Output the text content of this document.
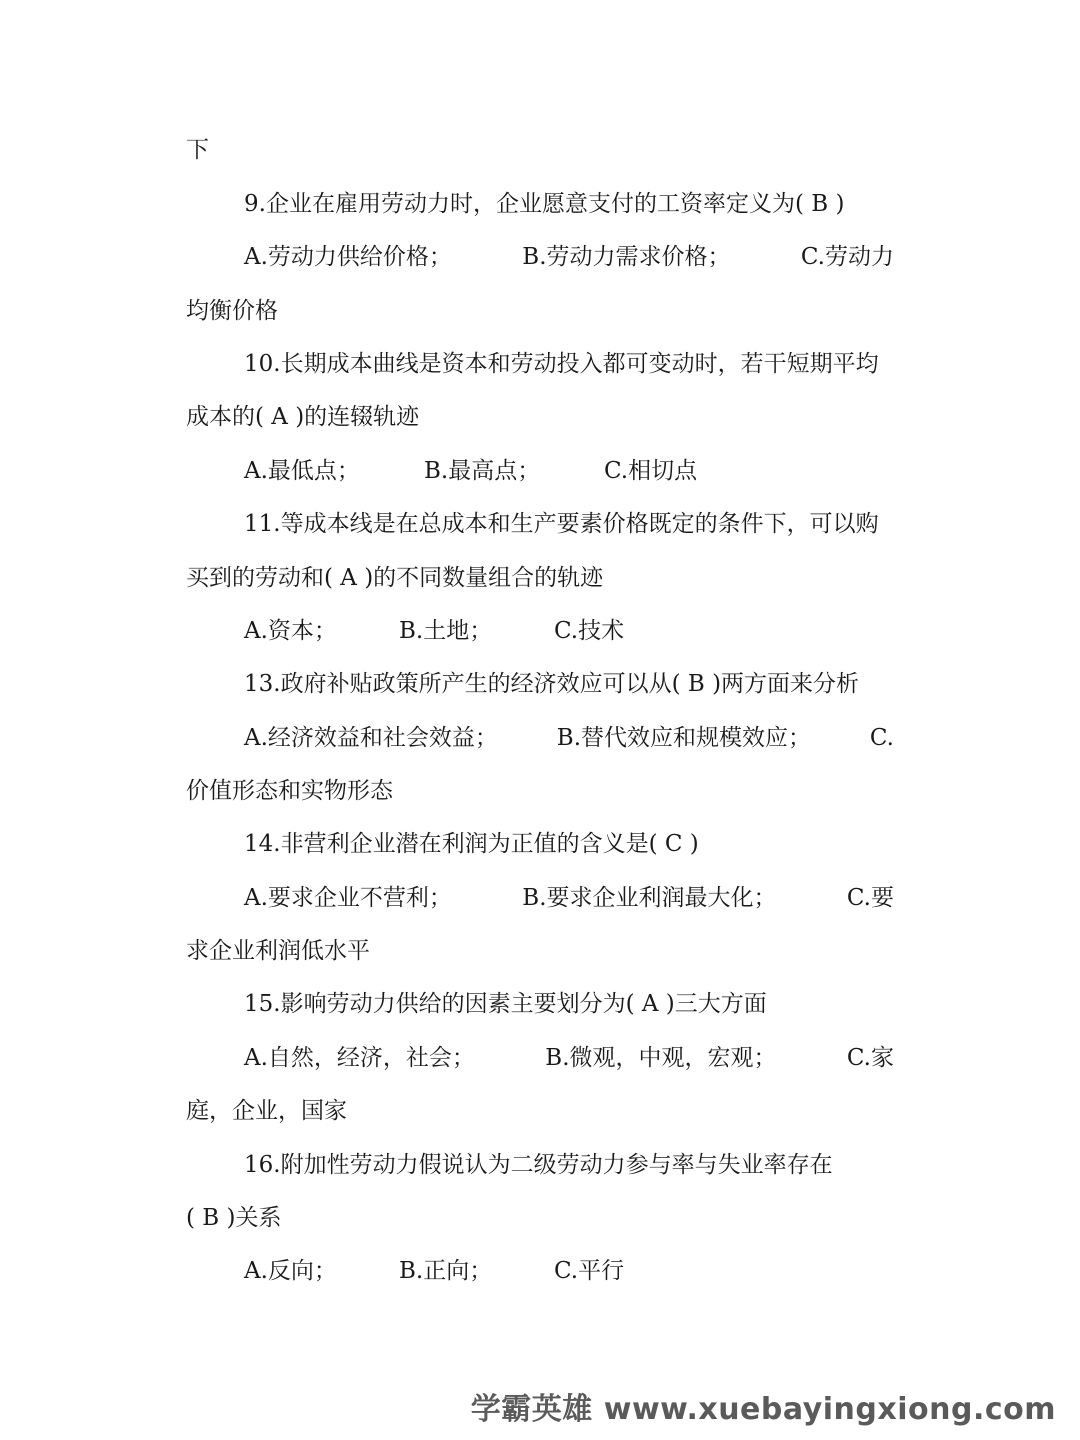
下
9.企业在雇用劳动力时，企业愿意支付的工资率定义为( B )
A.劳动力供给价格；	B.劳动力需求价格；	C.劳动力
均衡价格
10.长期成本曲线是资本和劳动投入都可变动时，若干短期平均
成本的( A )的连辍轨迹
A.最低点；	B.最高点；	C.相切点
11.等成本线是在总成本和生产要素价格既定的条件下，可以购
买到的劳动和( A )的不同数量组合的轨迹
A.资本；	B.土地；	C.技术
13.政府补贴政策所产生的经济效应可以从( B )两方面来分析
A.经济效益和社会效益；	B.替代效应和规模效应；	C.
价值形态和实物形态
14.非营利企业潜在利润为正值的含义是( C )
A.要求企业不营利；	B.要求企业利润最大化；	C.要
求企业利润低水平
15.影响劳动力供给的因素主要划分为( A )三大方面
A.自然，经济，社会；	B.微观，中观，宏观；	C.家
庭，企业，国家
16.附加性劳动力假说认为二级劳动力参与率与失业率存在
( B )关系
A.反向；	B.正向；	C.平行
学霸英雄 www.xuebayingxiong.com
